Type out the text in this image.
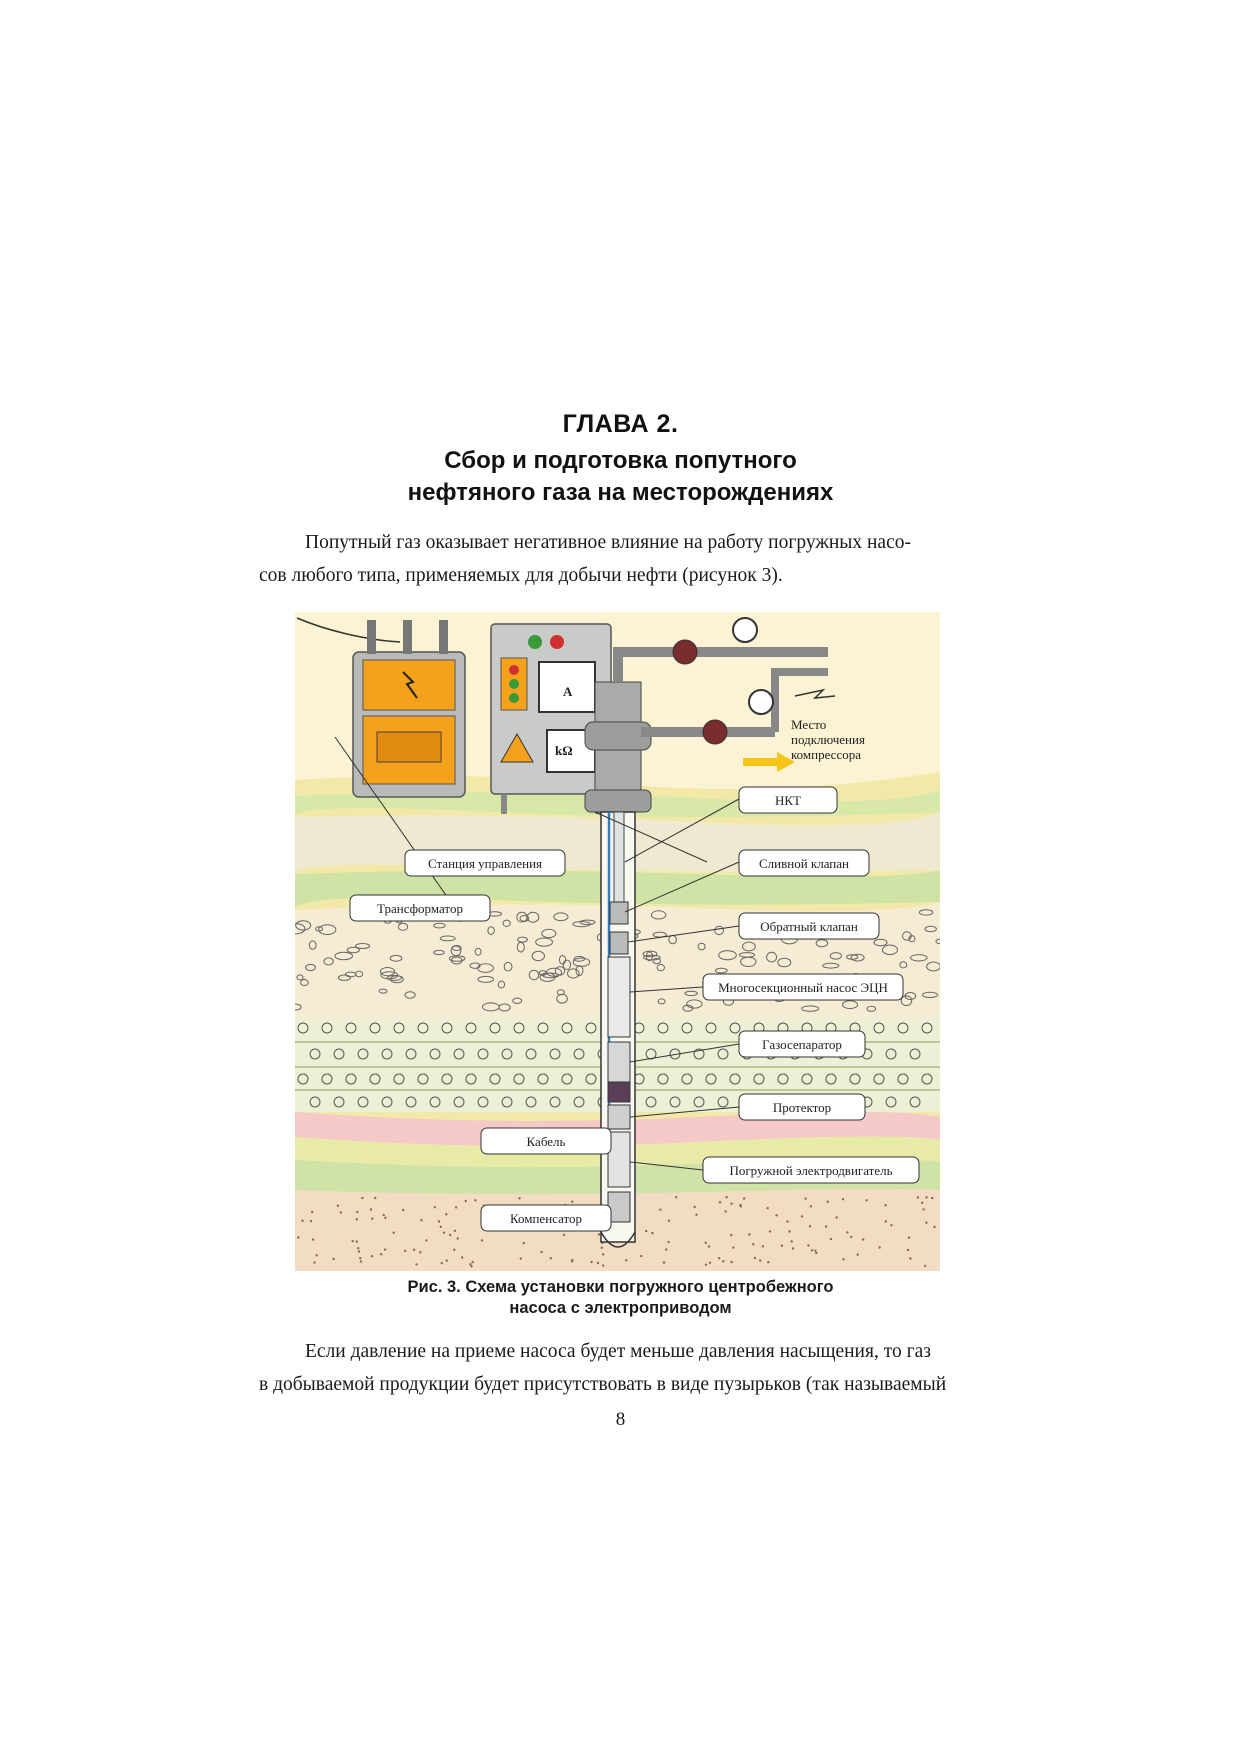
ГЛАВА 2.
Сбор и подготовка попутного
нефтяного газа на месторождениях

Попутный газ оказывает негативное влияние на работу погружных насо-

сов любого типа, применяемых для добычи нефти (рисунок 3).

A
kΩ
Место
подключения
компрессора
НКТ
Станция управления	Сливной клапан
Трансформатор
Обратный клапан
Многосекционный насос ЭЦН
Газосепаратор
Протектор
Кабель
Погружной электродвигатель
Компенсатор
Рис. 3. Схема установки погружного центробежного
насоса с электроприводом

Если давление на приеме насоса будет меньше давления насыщения, то газ

в добываемой продукции будет присутствовать в виде пузырьков (так называемый

8
